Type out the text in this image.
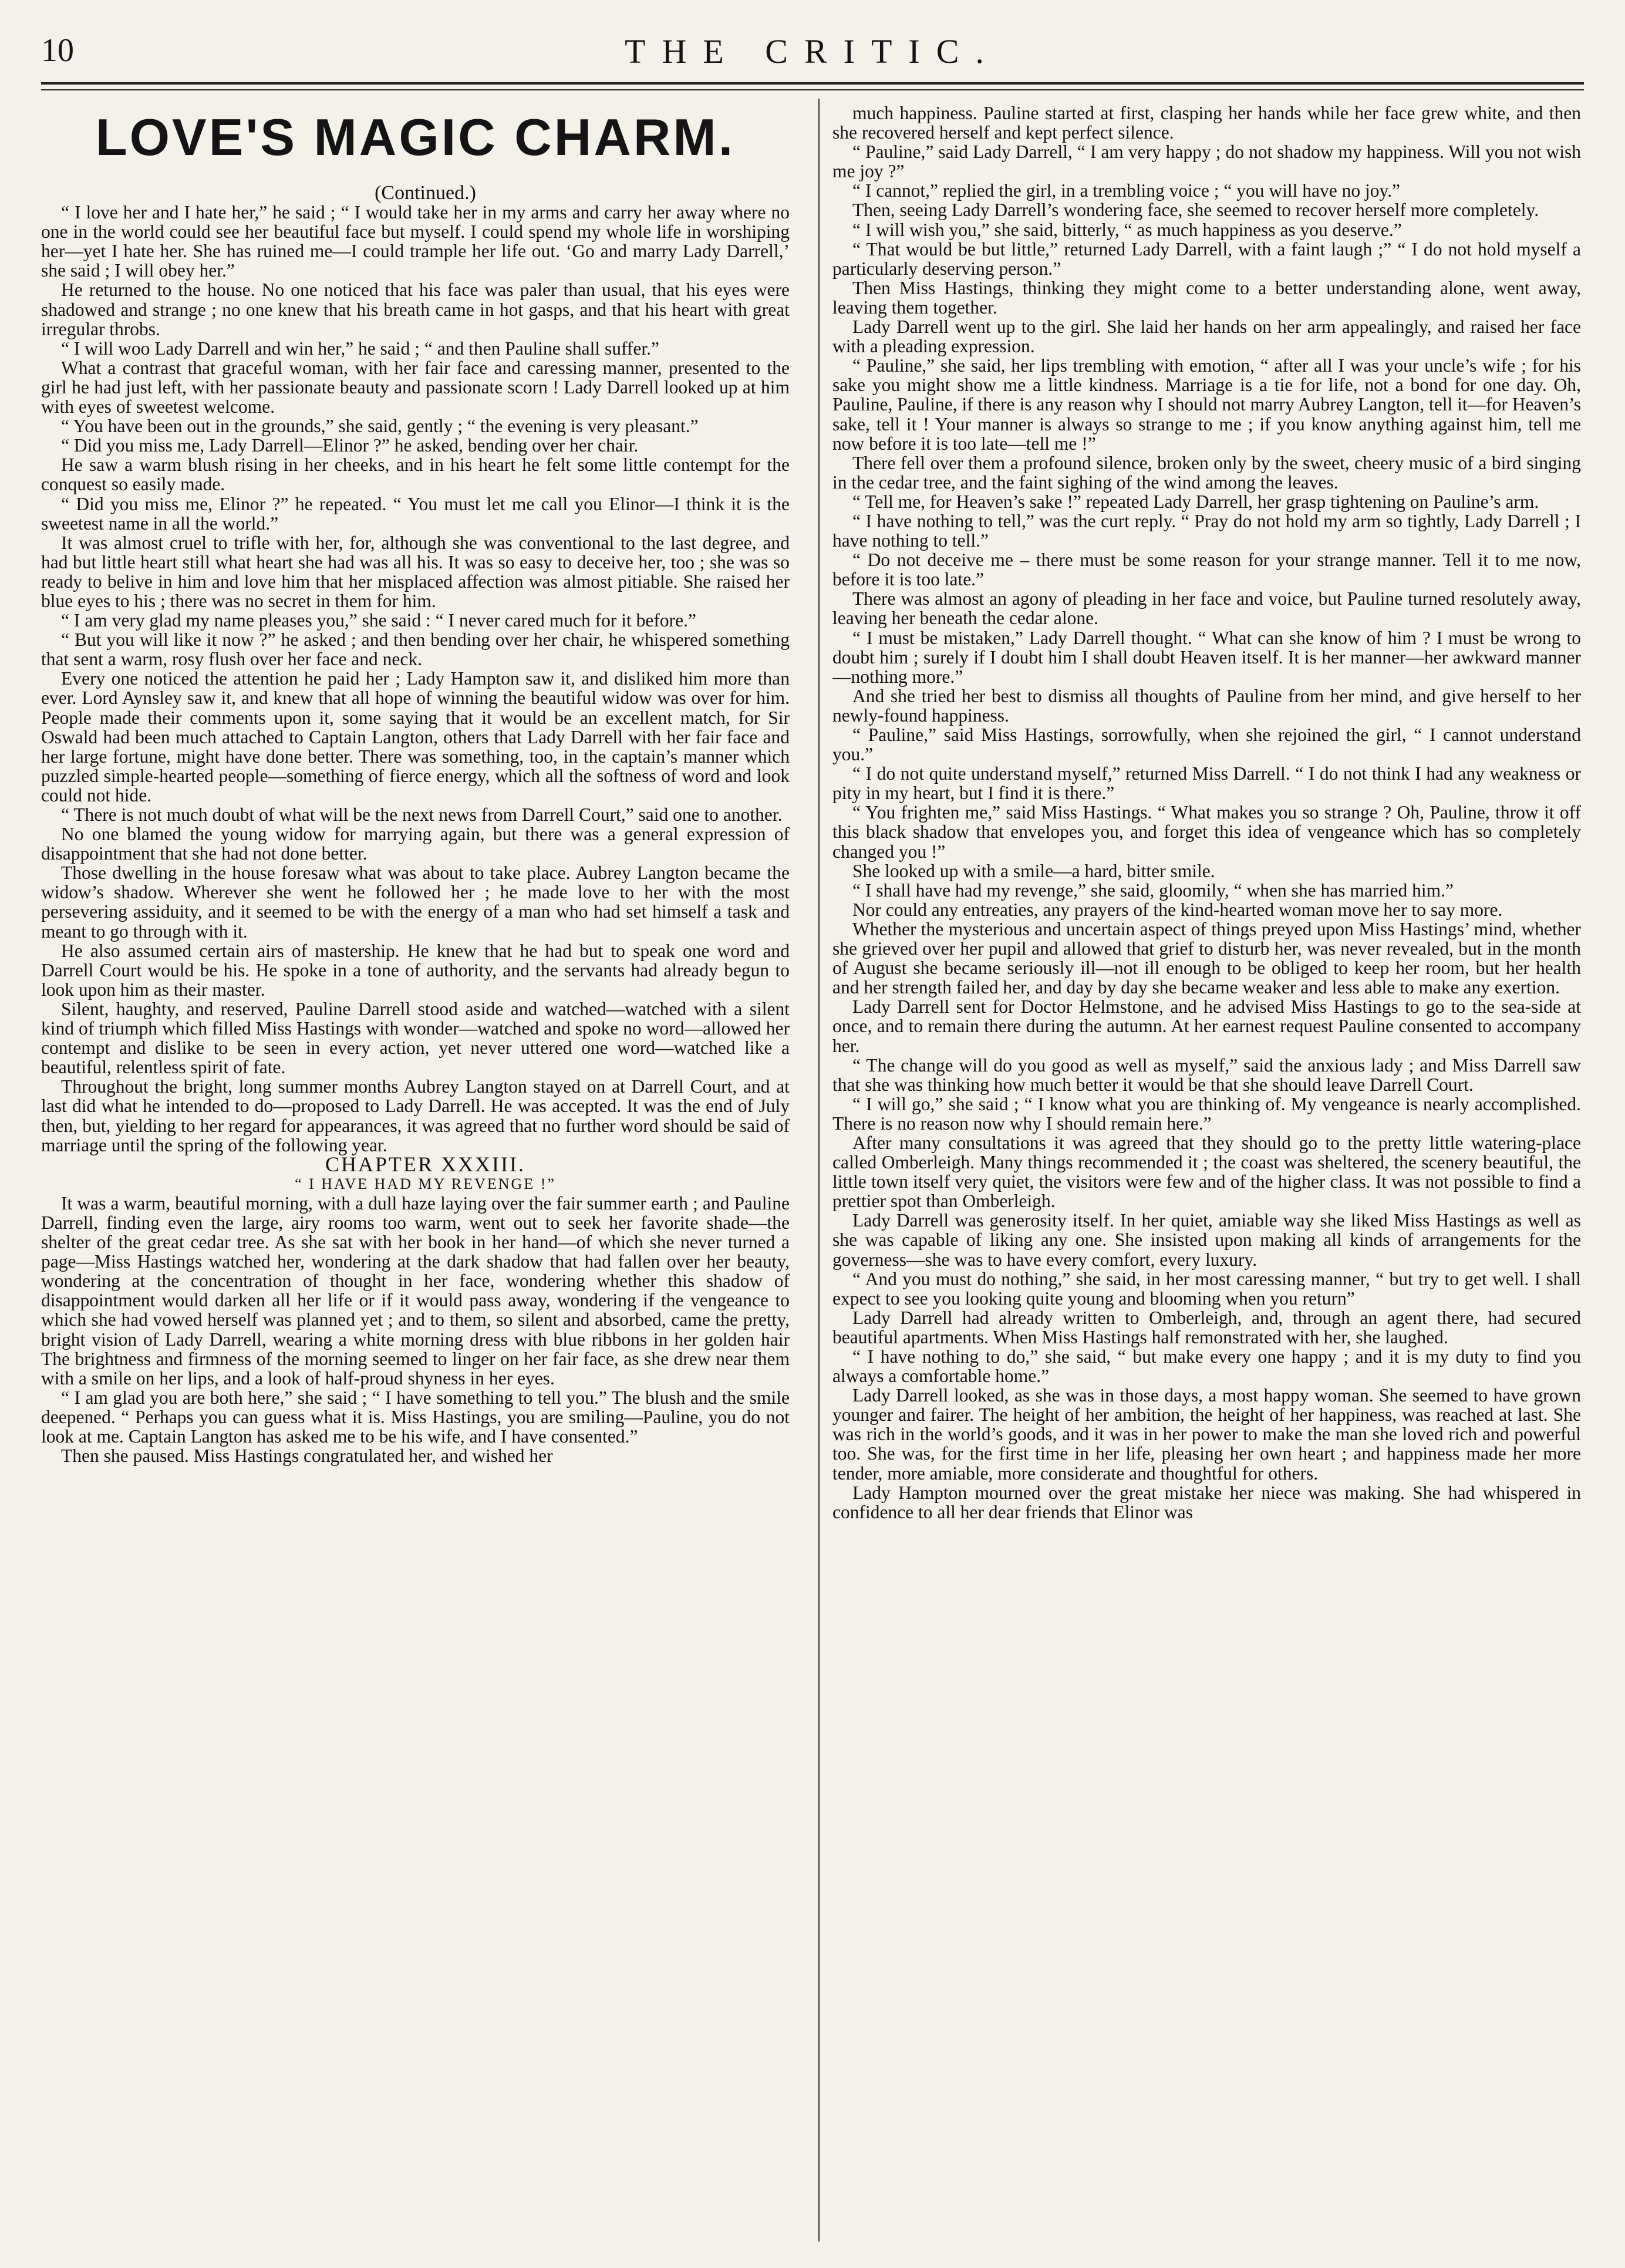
10	THE CRITIC.
LOVE'S MAGIC CHARM.

(Continued.)

“ I love her and I hate her,” he said ; “ I would take her in my arms and carry her away where no one in the world could see her beautiful face but myself. I could spend my whole life in worshiping her—yet I hate her. She has ruined me—I could trample her life out. ‘Go and marry Lady Darrell,’ she said ; I will obey her.”

He returned to the house. No one noticed that his face was paler than usual, that his eyes were shadowed and strange ; no one knew that his breath came in hot gasps, and that his heart with great irregular throbs.

“ I will woo Lady Darrell and win her,” he said ; “ and then Pauline shall suffer.”

What a contrast that graceful woman, with her fair face and caressing manner, presented to the girl he had just left, with her passionate beauty and passionate scorn ! Lady Darrell looked up at him with eyes of sweetest welcome.

“ You have been out in the grounds,” she said, gently ; “ the evening is very pleasant.”

“ Did you miss me, Lady Darrell—Elinor ?” he asked, bending over her chair.

He saw a warm blush rising in her cheeks, and in his heart he felt some little contempt for the conquest so easily made.

“ Did you miss me, Elinor ?” he repeated. “ You must let me call you Elinor—I think it is the sweetest name in all the world.”

It was almost cruel to trifle with her, for, although she was conventional to the last degree, and had but little heart still what heart she had was all his. It was so easy to deceive her, too ; she was so ready to belive in him and love him that her misplaced affection was almost pitiable. She raised her blue eyes to his ; there was no secret in them for him.

“ I am very glad my name pleases you,” she said : “ I never cared much for it before.”

“ But you will like it now ?” he asked ; and then bending over her chair, he whispered something that sent a warm, rosy flush over her face and neck.

Every one noticed the attention he paid her ; Lady Hampton saw it, and disliked him more than ever. Lord Aynsley saw it, and knew that all hope of winning the beautiful widow was over for him. People made their comments upon it, some saying that it would be an excellent match, for Sir Oswald had been much attached to Captain Langton, others that Lady Darrell with her fair face and her large fortune, might have done better. There was something, too, in the captain’s manner which puzzled simple-hearted people—something of fierce energy, which all the softness of word and look could not hide.

“ There is not much doubt of what will be the next news from Darrell Court,” said one to another.

No one blamed the young widow for marrying again, but there was a general expression of disappointment that she had not done better.

Those dwelling in the house foresaw what was about to take place. Aubrey Langton became the widow’s shadow. Wherever she went he followed her ; he made love to her with the most persevering assiduity, and it seemed to be with the energy of a man who had set himself a task and meant to go through with it.

He also assumed certain airs of mastership. He knew that he had but to speak one word and Darrell Court would be his. He spoke in a tone of authority, and the servants had already begun to look upon him as their master.

Silent, haughty, and reserved, Pauline Darrell stood aside and watched—watched with a silent kind of triumph which filled Miss Hastings with wonder—watched and spoke no word—allowed her contempt and dislike to be seen in every action, yet never uttered one word—watched like a beautiful, relentless spirit of fate.

Throughout the bright, long summer months Aubrey Langton stayed on at Darrell Court, and at last did what he intended to do—proposed to Lady Darrell. He was accepted. It was the end of July then, but, yielding to her regard for appearances, it was agreed that no further word should be said of marriage until the spring of the following year.

CHAPTER XXXIII.

“ I HAVE HAD MY REVENGE !”

It was a warm, beautiful morning, with a dull haze laying over the fair summer earth ; and Pauline Darrell, finding even the large, airy rooms too warm, went out to seek her favorite shade—the shelter of the great cedar tree. As she sat with her book in her hand—of which she never turned a page—Miss Hastings watched her, wondering at the dark shadow that had fallen over her beauty, wondering at the concentration of thought in her face, wondering whether this shadow of disappointment would darken all her life or if it would pass away, wondering if the vengeance to which she had vowed herself was planned yet ; and to them, so silent and absorbed, came the pretty, bright vision of Lady Darrell, wearing a white morning dress with blue ribbons in her golden hair The brightness and firmness of the morning seemed to linger on her fair face, as she drew near them with a smile on her lips, and a look of half-proud shyness in her eyes.

“ I am glad you are both here,” she said ; “ I have something to tell you.” The blush and the smile deepened. “ Perhaps you can guess what it is. Miss Hastings, you are smiling—Pauline, you do not look at me. Captain Langton has asked me to be his wife, and I have consented.”

Then she paused. Miss Hastings congratulated her, and wished her

much happiness. Pauline started at first, clasping her hands while her face grew white, and then she recovered herself and kept perfect silence.

“ Pauline,” said Lady Darrell, “ I am very happy ; do not shadow my happiness. Will you not wish me joy ?”

“ I cannot,” replied the girl, in a trembling voice ; “ you will have no joy.”

Then, seeing Lady Darrell’s wondering face, she seemed to recover herself more completely.

“ I will wish you,” she said, bitterly, “ as much happiness as you deserve.”

“ That would be but little,” returned Lady Darrell, with a faint laugh ;” “ I do not hold myself a particularly deserving person.”

Then Miss Hastings, thinking they might come to a better understanding alone, went away, leaving them together.

Lady Darrell went up to the girl. She laid her hands on her arm appealingly, and raised her face with a pleading expression.

“ Pauline,” she said, her lips trembling with emotion, “ after all I was your uncle’s wife ; for his sake you might show me a little kindness. Marriage is a tie for life, not a bond for one day. Oh, Pauline, Pauline, if there is any reason why I should not marry Aubrey Langton, tell it—for Heaven’s sake, tell it ! Your manner is always so strange to me ; if you know anything against him, tell me now before it is too late—tell me !”

There fell over them a profound silence, broken only by the sweet, cheery music of a bird singing in the cedar tree, and the faint sighing of the wind among the leaves.

“ Tell me, for Heaven’s sake !” repeated Lady Darrell, her grasp tightening on Pauline’s arm.

“ I have nothing to tell,” was the curt reply. “ Pray do not hold my arm so tightly, Lady Darrell ; I have nothing to tell.”

“ Do not deceive me – there must be some reason for your strange manner. Tell it to me now, before it is too late.”

There was almost an agony of pleading in her face and voice, but Pauline turned resolutely away, leaving her beneath the cedar alone.

“ I must be mistaken,” Lady Darrell thought. “ What can she know of him ? I must be wrong to doubt him ; surely if I doubt him I shall doubt Heaven itself. It is her manner—her awkward manner—nothing more.”

And she tried her best to dismiss all thoughts of Pauline from her mind, and give herself to her newly-found happiness.

“ Pauline,” said Miss Hastings, sorrowfully, when she rejoined the girl, “ I cannot understand you.”

“ I do not quite understand myself,” returned Miss Darrell. “ I do not think I had any weakness or pity in my heart, but I find it is there.”

“ You frighten me,” said Miss Hastings. “ What makes you so strange ? Oh, Pauline, throw it off this black shadow that envelopes you, and forget this idea of vengeance which has so completely changed you !”

She looked up with a smile—a hard, bitter smile.

“ I shall have had my revenge,” she said, gloomily, “ when she has married him.”

Nor could any entreaties, any prayers of the kind-hearted woman move her to say more.

Whether the mysterious and uncertain aspect of things preyed upon Miss Hastings’ mind, whether she grieved over her pupil and allowed that grief to disturb her, was never revealed, but in the month of August she became seriously ill—not ill enough to be obliged to keep her room, but her health and her strength failed her, and day by day she became weaker and less able to make any exertion.

Lady Darrell sent for Doctor Helmstone, and he advised Miss Hastings to go to the sea-side at once, and to remain there during the autumn. At her earnest request Pauline consented to accompany her.

“ The change will do you good as well as myself,” said the anxious lady ; and Miss Darrell saw that she was thinking how much better it would be that she should leave Darrell Court.

“ I will go,” she said ; “ I know what you are thinking of. My vengeance is nearly accomplished. There is no reason now why I should remain here.”

After many consultations it was agreed that they should go to the pretty little watering-place called Omberleigh. Many things recommended it ; the coast was sheltered, the scenery beautiful, the little town itself very quiet, the visitors were few and of the higher class. It was not possible to find a prettier spot than Omberleigh.

Lady Darrell was generosity itself. In her quiet, amiable way she liked Miss Hastings as well as she was capable of liking any one. She insisted upon making all kinds of arrangements for the governess—she was to have every comfort, every luxury.

“ And you must do nothing,” she said, in her most caressing manner, “ but try to get well. I shall expect to see you looking quite young and blooming when you return”

Lady Darrell had already written to Omberleigh, and, through an agent there, had secured beautiful apartments. When Miss Hastings half remonstrated with her, she laughed.

“ I have nothing to do,” she said, “ but make every one happy ; and it is my duty to find you always a comfortable home.”

Lady Darrell looked, as she was in those days, a most happy woman. She seemed to have grown younger and fairer. The height of her ambition, the height of her happiness, was reached at last. She was rich in the world’s goods, and it was in her power to make the man she loved rich and powerful too. She was, for the first time in her life, pleasing her own heart ; and happiness made her more tender, more amiable, more considerate and thoughtful for others.

Lady Hampton mourned over the great mistake her niece was making. She had whispered in confidence to all her dear friends that Elinor was
